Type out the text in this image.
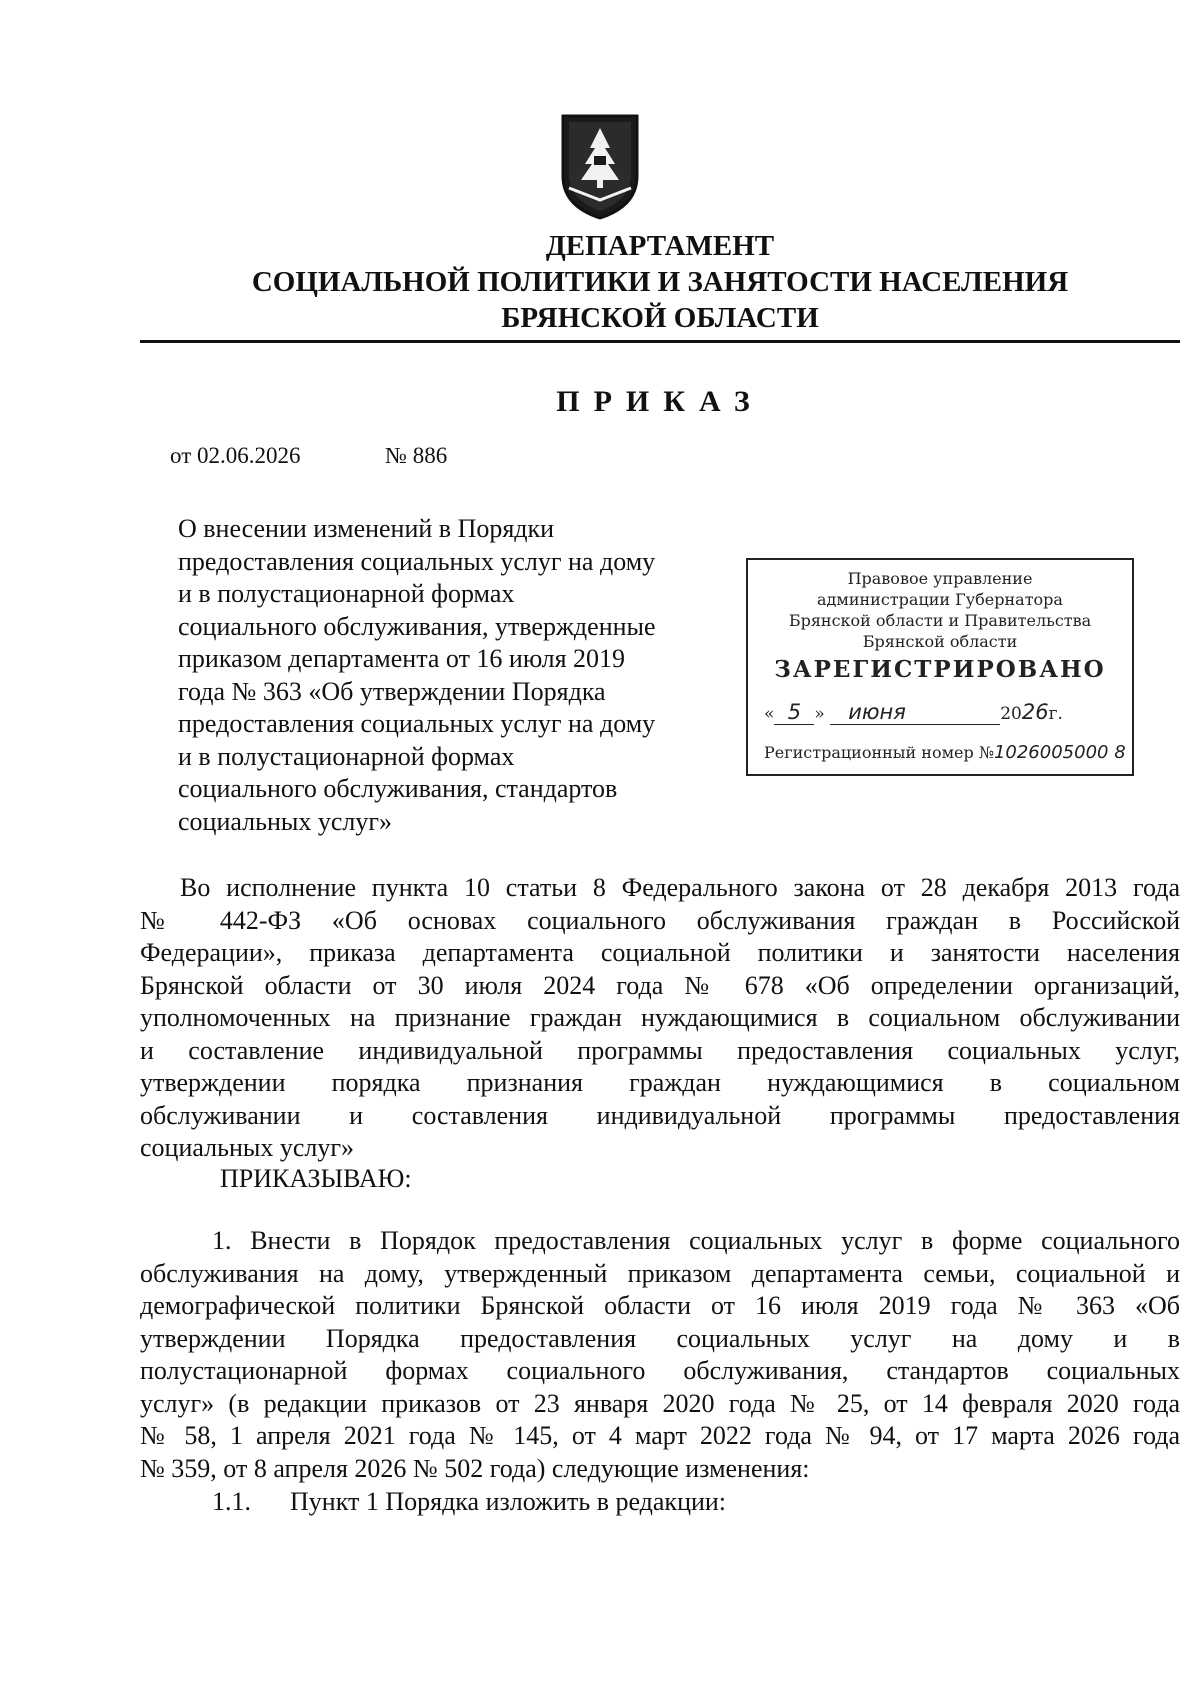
ДЕПАРТАМЕНТ
СОЦИАЛЬНОЙ ПОЛИТИКИ И ЗАНЯТОСТИ НАСЕЛЕНИЯ
БРЯНСКОЙ ОБЛАСТИ
ПРИКАЗ
от 02.06.2026	№ 886
О внесении изменений в Порядки
предоставления социальных услуг на дому
и в полустационарной формах
социального обслуживания, утвержденные
приказом департамента от 16 июля 2019
года № 363 «Об утверждении Порядка
предоставления социальных услуг на дому
и в полустационарной формах
социального обслуживания, стандартов
социальных услуг»
Правовое управление
администрации Губернатора
Брянской области и Правительства
Брянской области
ЗАРЕГИСТРИРОВАНО
« 5 » июня	2026г.
Регистрационный номер №1026005000 8
Во исполнение пункта 10 статьи 8 Федерального закона от 28 декабря 2013 года
№ 442-ФЗ «Об основах социального обслуживания граждан в Российской
Федерации», приказа департамента социальной политики и занятости населения
Брянской области от 30 июля 2024 года № 678 «Об определении организаций,
уполномоченных на признание граждан нуждающимися в социальном обслуживании
и составление индивидуальной программы предоставления социальных услуг,
утверждении порядка признания граждан нуждающимися в социальном
обслуживании и составления индивидуальной программы предоставления
социальных услуг»
ПРИКАЗЫВАЮ:
1. Внести в Порядок предоставления социальных услуг в форме социального
обслуживания на дому, утвержденный приказом департамента семьи, социальной и
демографической политики Брянской области от 16 июля 2019 года № 363 «Об
утверждении Порядка предоставления социальных услуг на дому и в
полустационарной формах социального обслуживания, стандартов социальных
услуг» (в редакции приказов от 23 января 2020 года № 25, от 14 февраля 2020 года
№ 58, 1 апреля 2021 года № 145, от 4 март 2022 года № 94, от 17 марта 2026 года
№ 359, от 8 апреля 2026 № 502 года) следующие изменения:
1.1. Пункт 1 Порядка изложить в редакции:
